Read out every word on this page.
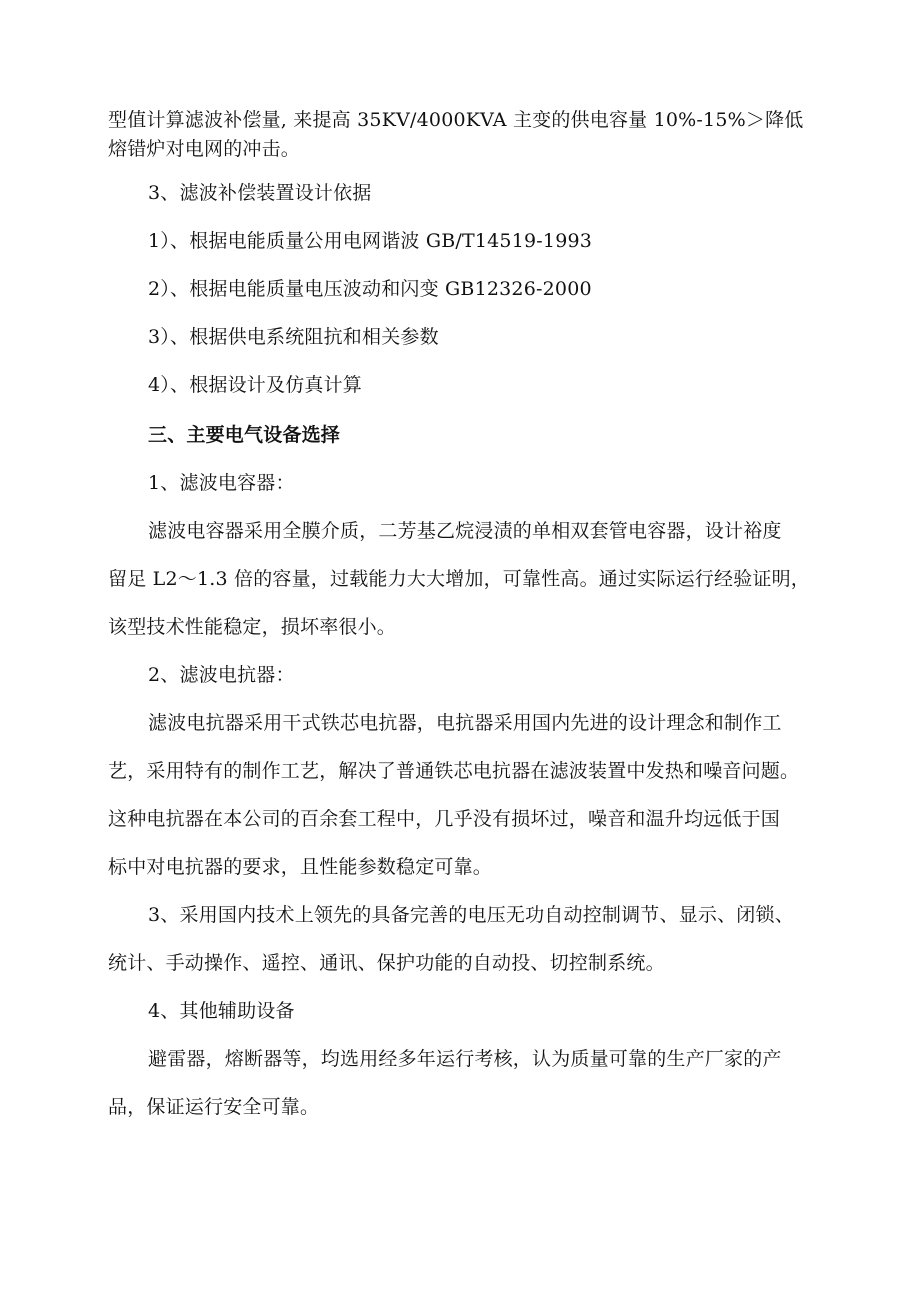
型值计算滤波补偿量, 来提高 35KV/4000KVA 主变的供电容量 10%-15%＞降低
熔错炉对电网的冲击。
3、滤波补偿装置设计依据
1）、根据电能质量公用电网谐波 GB/T14519-1993
2）、根据电能质量电压波动和闪变 GB12326-2000
3）、根据供电系统阻抗和相关参数
4）、根据设计及仿真计算
三、主要电气设备选择
1、滤波电容器：
滤波电容器采用全膜介质，二芳基乙烷浸渍的单相双套管电容器，设计裕度
留足 L2～1.3 倍的容量，过载能力大大增加，可靠性高。通过实际运行经验证明，
该型技术性能稳定，损坏率很小。
2、滤波电抗器：
滤波电抗器采用干式铁芯电抗器，电抗器采用国内先进的设计理念和制作工
艺，采用特有的制作工艺，解决了普通铁芯电抗器在滤波装置中发热和噪音问题。
这种电抗器在本公司的百余套工程中，几乎没有损坏过，噪音和温升均远低于国
标中对电抗器的要求，且性能参数稳定可靠。
3、采用国内技术上领先的具备完善的电压无功自动控制调节、显示、闭锁、
统计、手动操作、遥控、通讯、保护功能的自动投、切控制系统。
4、其他辅助设备
避雷器，熔断器等，均选用经多年运行考核，认为质量可靠的生产厂家的产
品，保证运行安全可靠。
